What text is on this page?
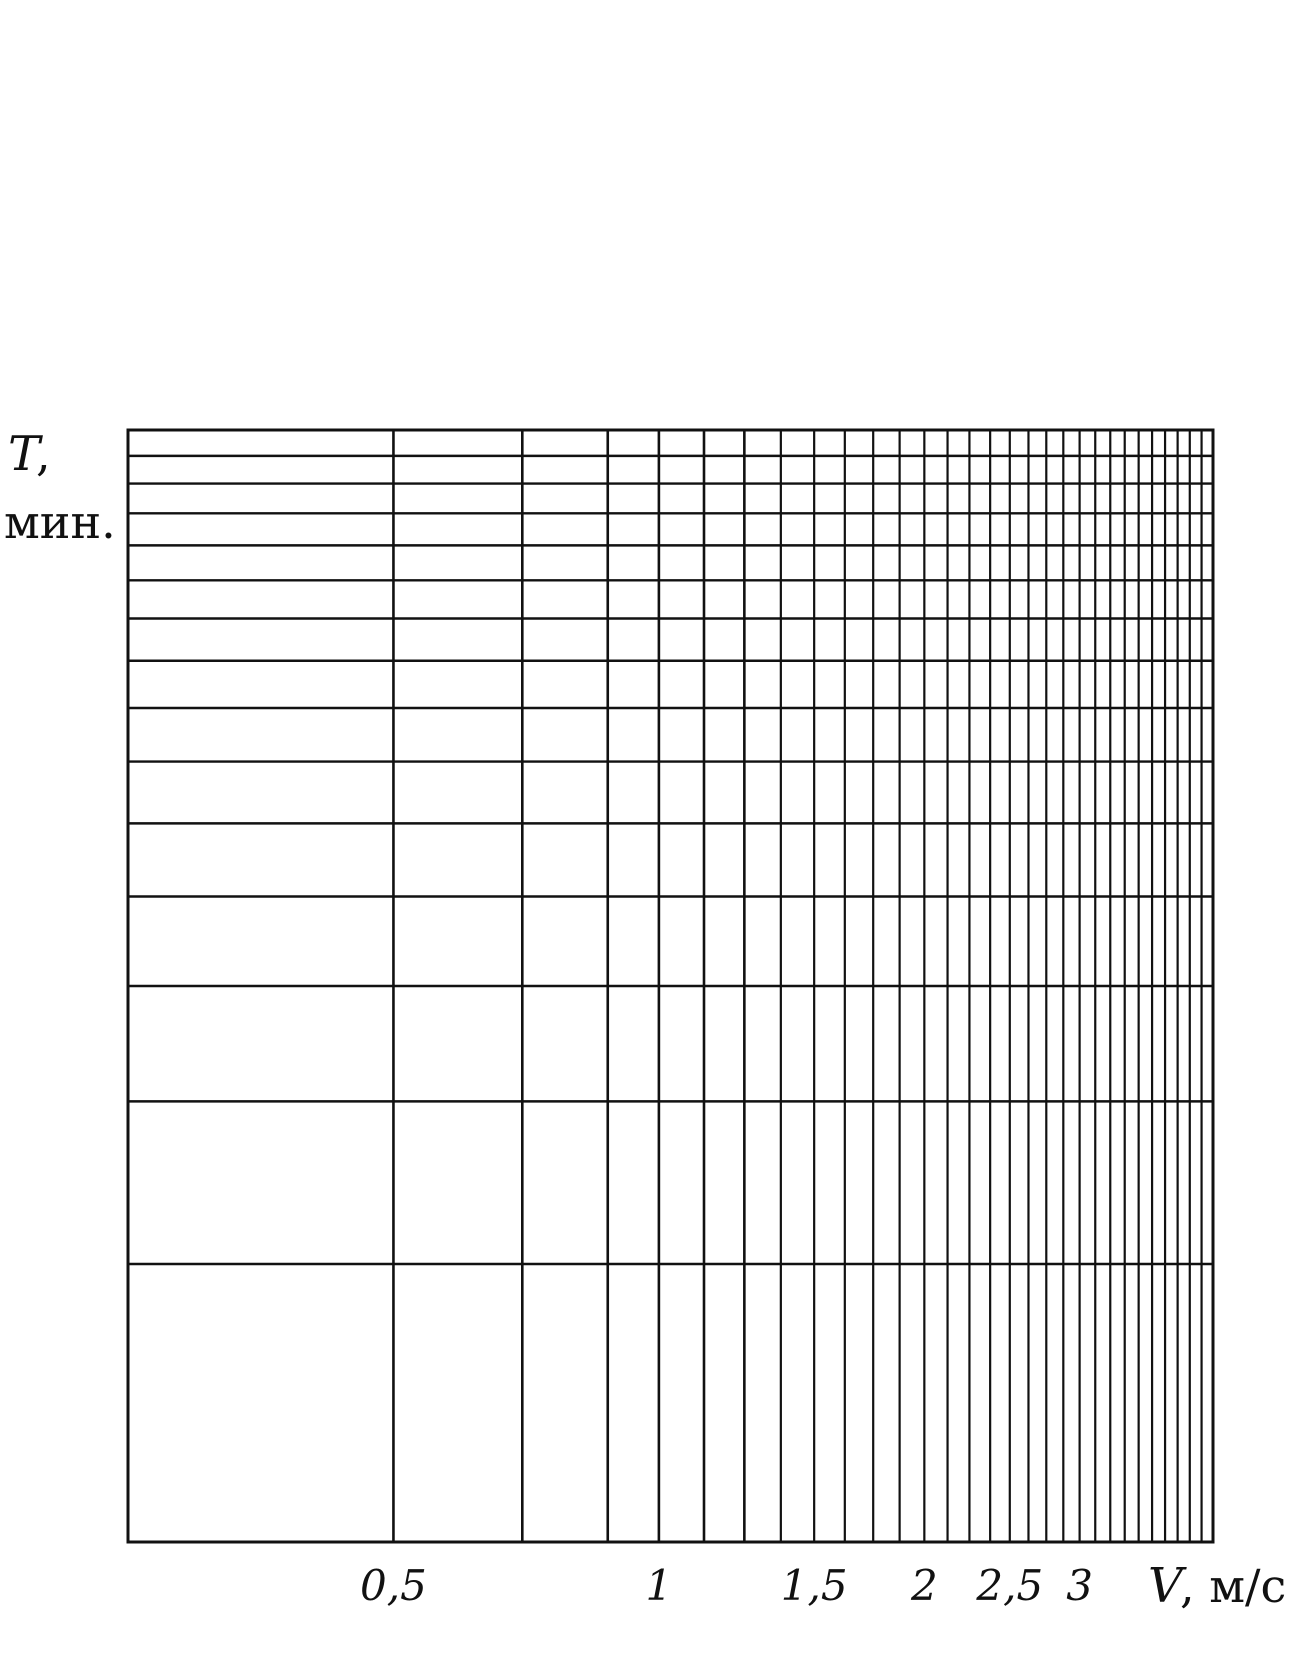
0,5	1	1,5 2 2,5 3
T
,
мин.
V
, м/с
